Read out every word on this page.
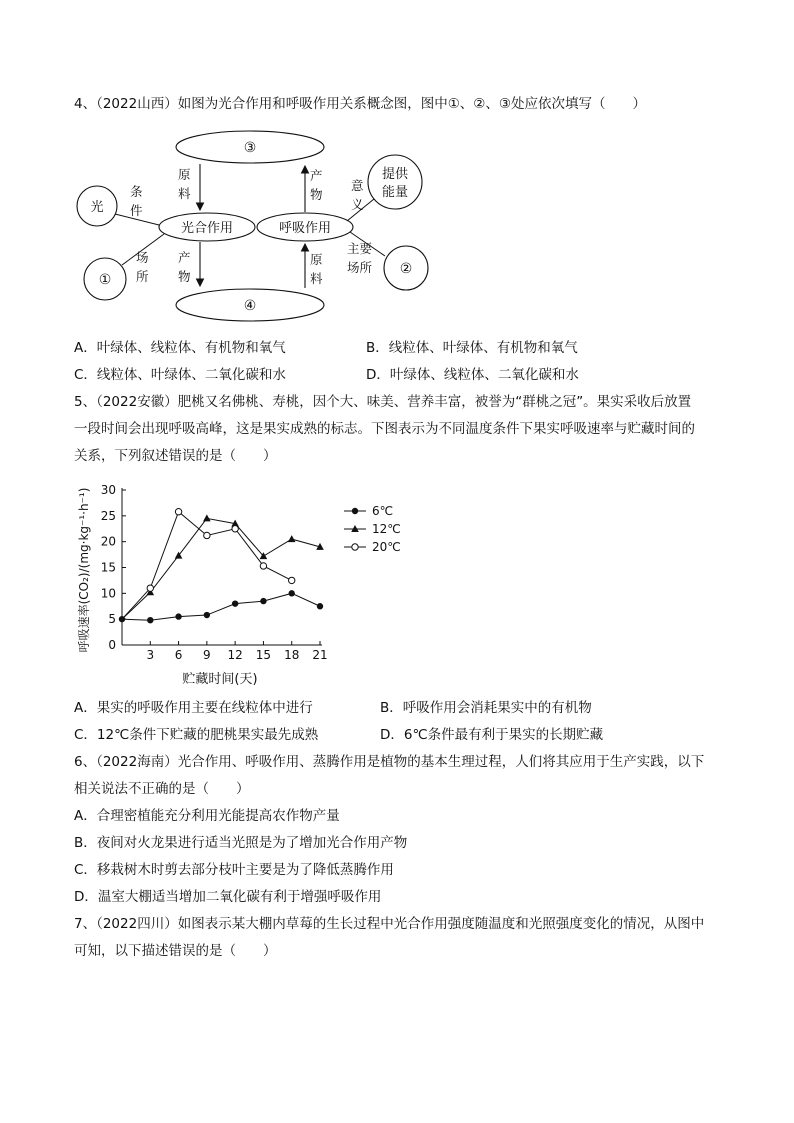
4、（2022山西）如图为光合作用和呼吸作用关系概念图，图中①、②、③处应依次填写（　　）
③
④
光合作用	呼吸作用
光
①
提供
能量
②
原
料
产
物
条
件
场
所
产
物
原
料
意
义
主要
场所
A．叶绿体、线粒体、有机物和氧气	B．线粒体、叶绿体、有机物和氧气
C．线粒体、叶绿体、二氧化碳和水	D．叶绿体、线粒体、二氧化碳和水
5、（2022安徽）肥桃又名佛桃、寿桃，因个大、味美、营养丰富，被誉为“群桃之冠”。果实采收后放置
一段时间会出现呼吸高峰，这是果实成熟的标志。下图表示为不同温度条件下果实呼吸速率与贮藏时间的
关系，下列叙述错误的是（　　）
0
5
10
15
20
25
30
3 6 9 12 15 18 21
6℃
12℃
20℃
呼吸速率(CO₂)/(mg·kg⁻¹·h⁻¹)
贮藏时间(天)
A．果实的呼吸作用主要在线粒体中进行	B．呼吸作用会消耗果实中的有机物
C．12℃条件下贮藏的肥桃果实最先成熟	D．6℃条件最有利于果实的长期贮藏
6、（2022海南）光合作用、呼吸作用、蒸腾作用是植物的基本生理过程，人们将其应用于生产实践，以下
相关说法不正确的是（　　）
A．合理密植能充分利用光能提高农作物产量
B．夜间对火龙果进行适当光照是为了增加光合作用产物
C．移栽树木时剪去部分枝叶主要是为了降低蒸腾作用
D．温室大棚适当增加二氧化碳有利于增强呼吸作用
7、（2022四川）如图表示某大棚内草莓的生长过程中光合作用强度随温度和光照强度变化的情况，从图中
可知，以下描述错误的是（　　）
